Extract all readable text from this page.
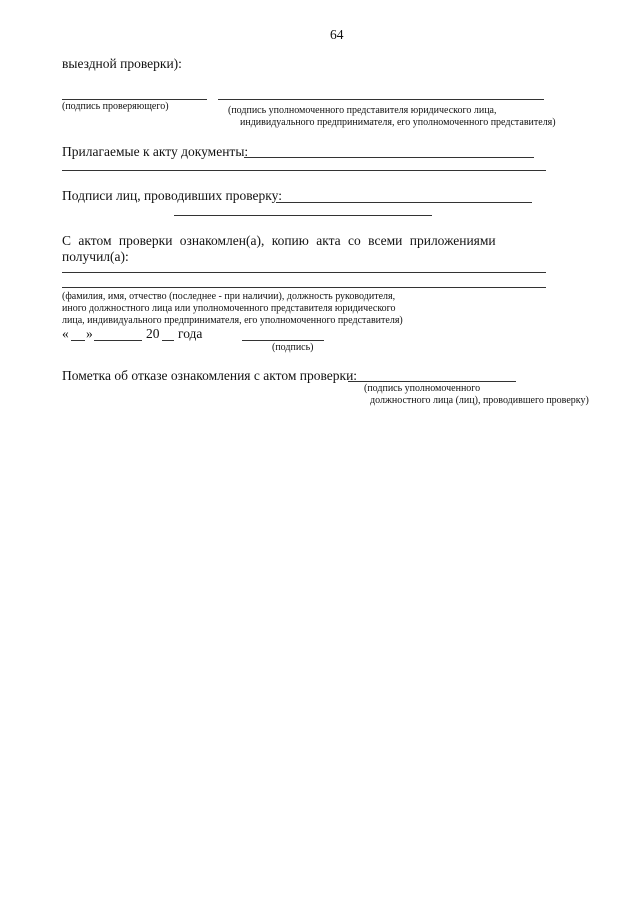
64
выездной проверки):
(подпись проверяющего)	(подпись уполномоченного представителя юридического лица,
индивидуального предпринимателя, его уполномоченного представителя)
Прилагаемые к акту документы:
Подписи лиц, проводивших проверку:
С актом проверки ознакомлен(а), копию акта со всеми приложениями
получил(а):
(фамилия, имя, отчество (последнее - при наличии), должность руководителя,
иного должностного лица или уполномоченного представителя юридического
лица, индивидуального предпринимателя, его уполномоченного представителя)
« »	20 года
(подпись)
Пометка об отказе ознакомления с актом проверки:
(подпись уполномоченного
должностного лица (лиц), проводившего проверку)
